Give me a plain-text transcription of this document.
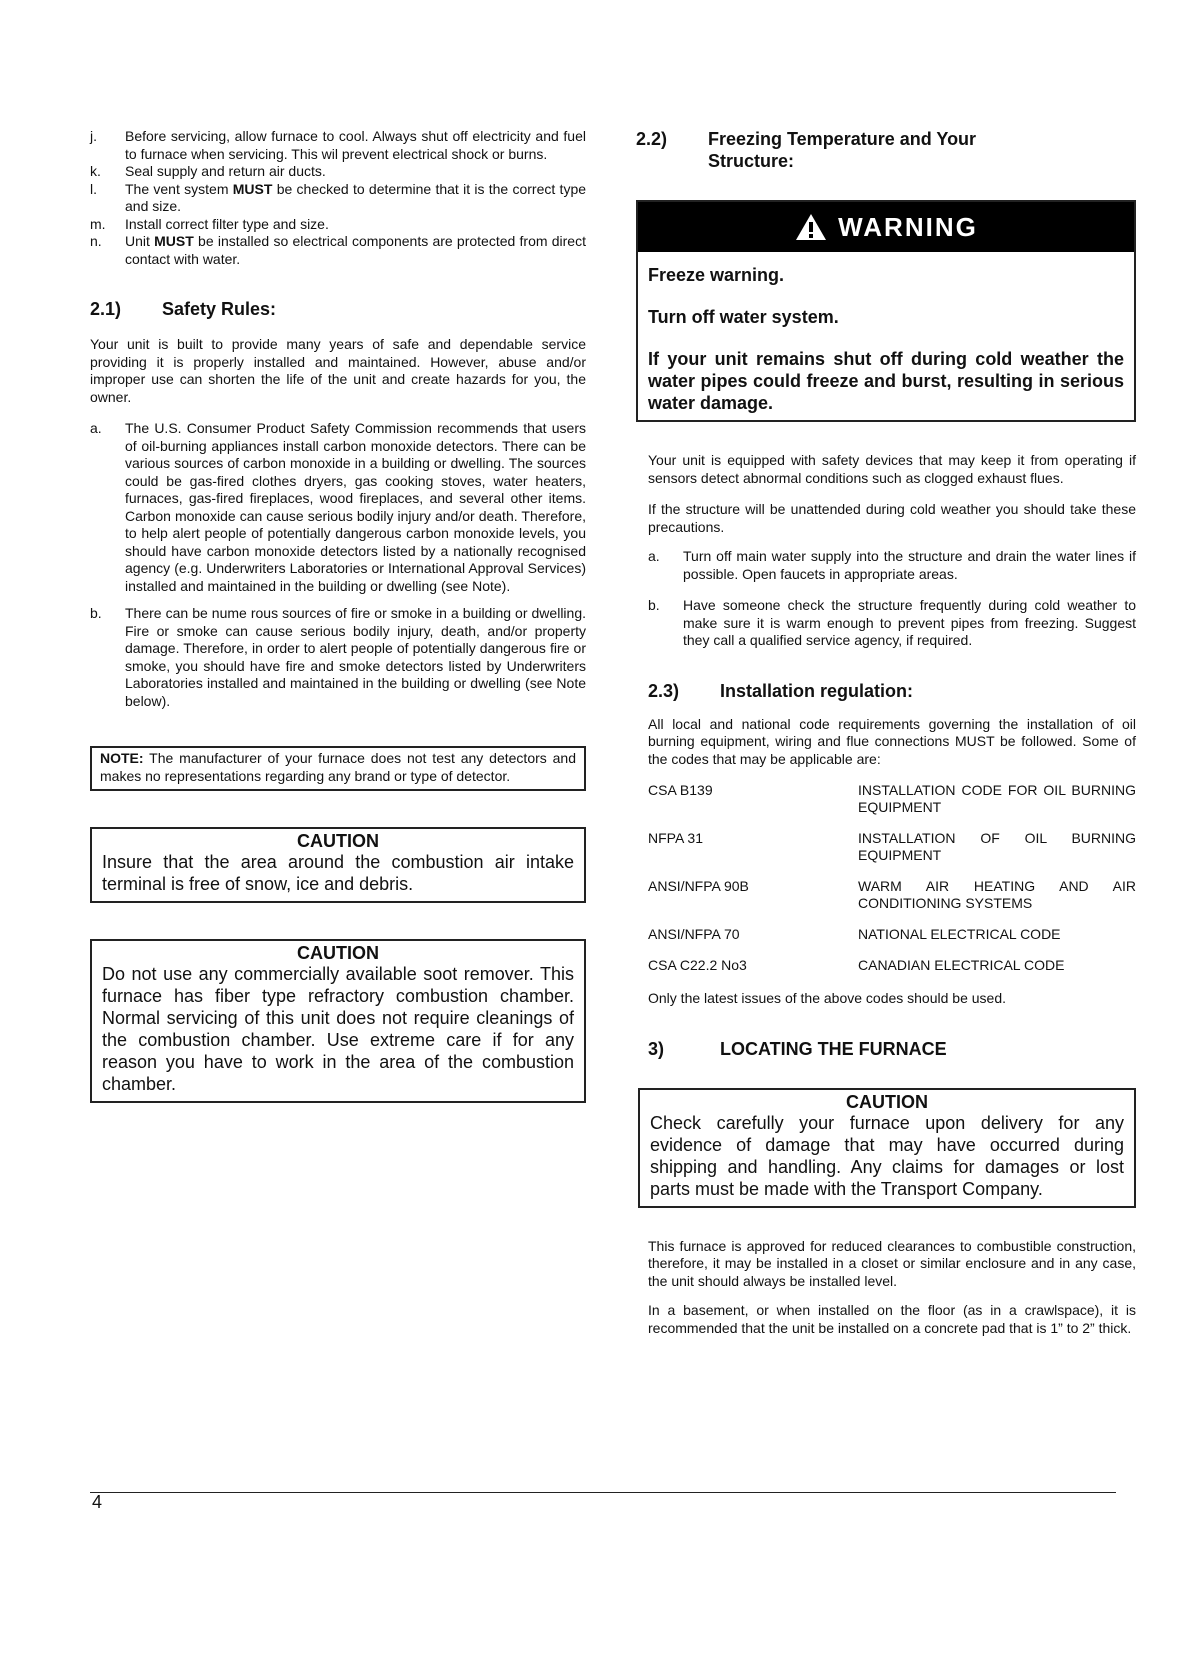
j.	Before servicing, allow furnace to cool. Always shut off electricity and fuel to furnace when servicing. This wil prevent electrical shock or burns.
k.	Seal supply and return air ducts.
l.	The vent system MUST be checked to determine that it is the correct type and size.
m.	Install correct filter type and size.
n.	Unit MUST be installed so electrical components are protected from direct contact with water.
2.1)	Safety Rules:

Your unit is built to provide many years of safe and dependable service providing it is properly installed and maintained. However, abuse and/or improper use can shorten the life of the unit and create hazards for you, the owner.

a.	The U.S. Consumer Product Safety Commission recommends that users of oil-burning appliances install carbon monoxide detectors. There can be various sources of carbon monoxide in a building or dwelling. The sources could be gas-fired clothes dryers, gas cooking stoves, water heaters, furnaces, gas-fired fireplaces, wood fireplaces, and several other items. Carbon monoxide can cause serious bodily injury and/or death. Therefore, to help alert people of potentially dangerous carbon monoxide levels, you should have carbon monoxide detectors listed by a nationally recognised agency (e.g. Underwriters Laboratories or International Approval Services) installed and maintained in the building or dwelling (see Note).
b.	There can be nume rous sources of fire or smoke in a building or dwelling. Fire or smoke can cause serious bodily injury, death, and/or property damage. Therefore, in order to alert people of potentially dangerous fire or smoke, you should have fire and smoke detectors listed by Underwriters Laboratories installed and maintained in the building or dwelling (see Note below).
NOTE: The manufacturer of your furnace does not test any detectors and makes no representations regarding any brand or type of detector.
CAUTION
Insure that the area around the combustion air intake terminal is free of snow, ice and debris.
CAUTION
Do not use any commercially available soot remover. This furnace has fiber type refractory combustion chamber. Normal servicing of this unit does not require cleanings of the combustion chamber. Use extreme care if for any reason you have to work in the area of the combustion chamber.
2.2)	Freezing Temperature and Your
Structure:
WARNING
Freeze warning.
Turn off water system.
If your unit remains shut off during cold weather the water pipes could freeze and burst, resulting in serious water damage.

Your unit is equipped with safety devices that may keep it from operating if sensors detect abnormal conditions such as clogged exhaust flues.

If the structure will be unattended during cold weather you should take these precautions.

a.	Turn off main water supply into the structure and drain the water lines if possible. Open faucets in appropriate areas.
b.	Have someone check the structure frequently during cold weather to make sure it is warm enough to prevent pipes from freezing. Suggest they call a qualified service agency, if required.
2.3)	Installation regulation:

All local and national code requirements governing the installation of oil burning equipment, wiring and flue connections MUST be followed. Some of the codes that may be applicable are:

CSA B139	INSTALLATION CODE FOR OIL BURNING EQUIPMENT
NFPA 31	INSTALLATION OF OIL BURNING EQUIPMENT
ANSI/NFPA 90B	WARM AIR HEATING AND AIR CONDITIONING SYSTEMS
ANSI/NFPA 70	NATIONAL ELECTRICAL CODE
CSA C22.2 No3	CANADIAN ELECTRICAL CODE

Only the latest issues of the above codes should be used.

3)	LOCATING THE FURNACE
CAUTION
Check carefully your furnace upon delivery for any evidence of damage that may have occurred during shipping and handling. Any claims for damages or lost parts must be made with the Transport Company.

This furnace is approved for reduced clearances to combustible construction, therefore, it may be installed in a closet or similar enclosure and in any case, the unit should always be installed level.

In a basement, or when installed on the floor (as in a crawlspace), it is recommended that the unit be installed on a concrete pad that is 1” to 2” thick.

4
